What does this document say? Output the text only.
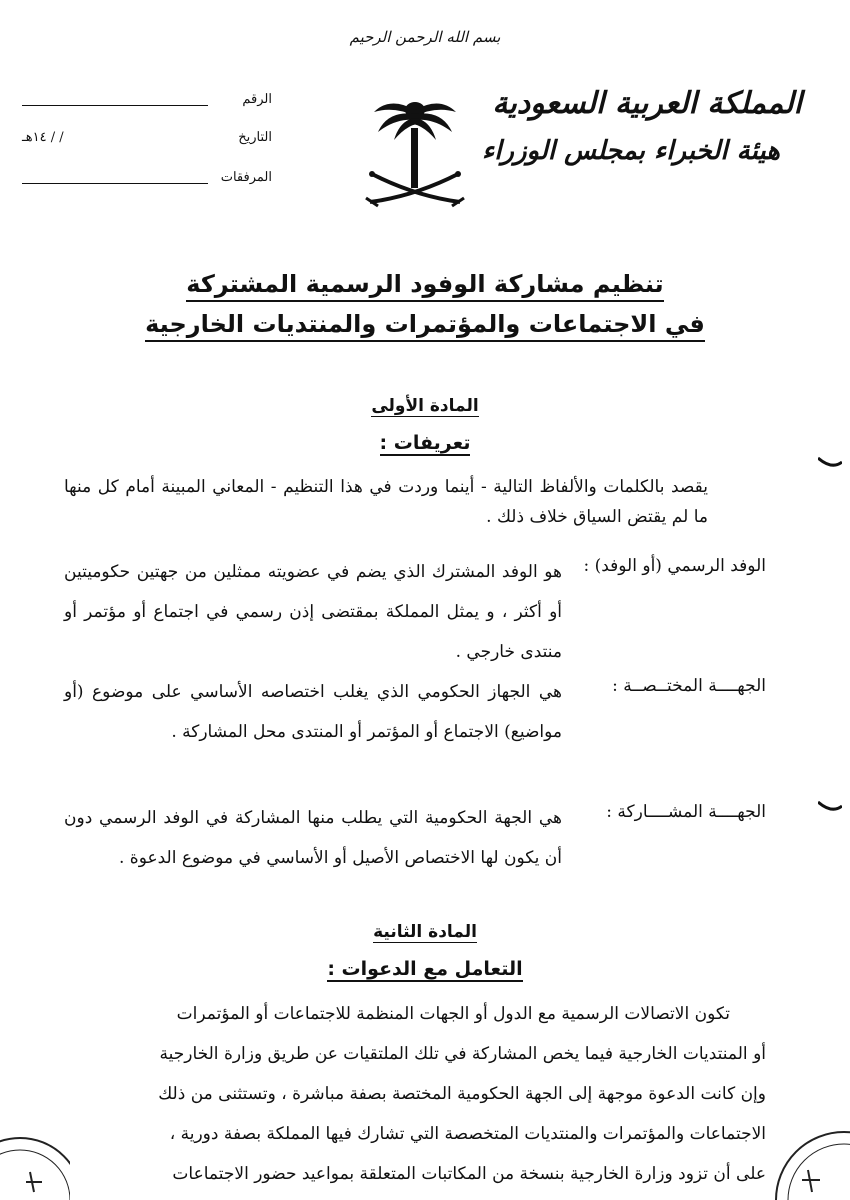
بسم الله الرحمن الرحيم
المملكة العربية السعودية
هيئة الخبراء بمجلس الوزراء
الرقم
التاريخ
١٤هـ / /
المرفقات
تنظيم مشاركة الوفود الرسمية المشتركة
في الاجتماعات والمؤتمرات والمنتديات الخارجية
المادة الأولى
تعريفات :
يقصد بالكلمات والألفاظ التالية - أينما وردت في هذا التنظيم - المعاني المبينة أمام كل منها ما لم يقتض السياق خلاف ذلك .
الوفد الرسمي (أو الوفد) :
هو الوفد المشترك الذي يضم في عضويته ممثلين من جهتين حكوميتين أو أكثر ، و يمثل المملكة بمقتضى إذن رسمي في اجتماع أو مؤتمر أو منتدى خارجي .
الجهــــة المختــصــة :
هي الجهاز الحكومي الذي يغلب اختصاصه الأساسي على موضوع (أو مواضيع) الاجتماع أو المؤتمر أو المنتدى محل المشاركة .
الجهــــة المشــــاركة :
هي الجهة الحكومية التي يطلب منها المشاركة في الوفد الرسمي دون أن يكون لها الاختصاص الأصيل أو الأساسي في موضوع الدعوة .
المادة الثانية
التعامل مع الدعوات :
تكون الاتصالات الرسمية مع الدول أو الجهات المنظمة للاجتماعات أو المؤتمرات
أو المنتديات الخارجية فيما يخص المشاركة في تلك الملتقيات عن طريق وزارة الخارجية
وإن كانت الدعوة موجهة إلى الجهة الحكومية المختصة بصفة مباشرة ، وتستثنى من ذلك
الاجتماعات والمؤتمرات والمنتديات المتخصصة التي تشارك فيها المملكة بصفة دورية ،
على أن تزود وزارة الخارجية بنسخة من المكاتبات المتعلقة بمواعيد حضور الاجتماعات
